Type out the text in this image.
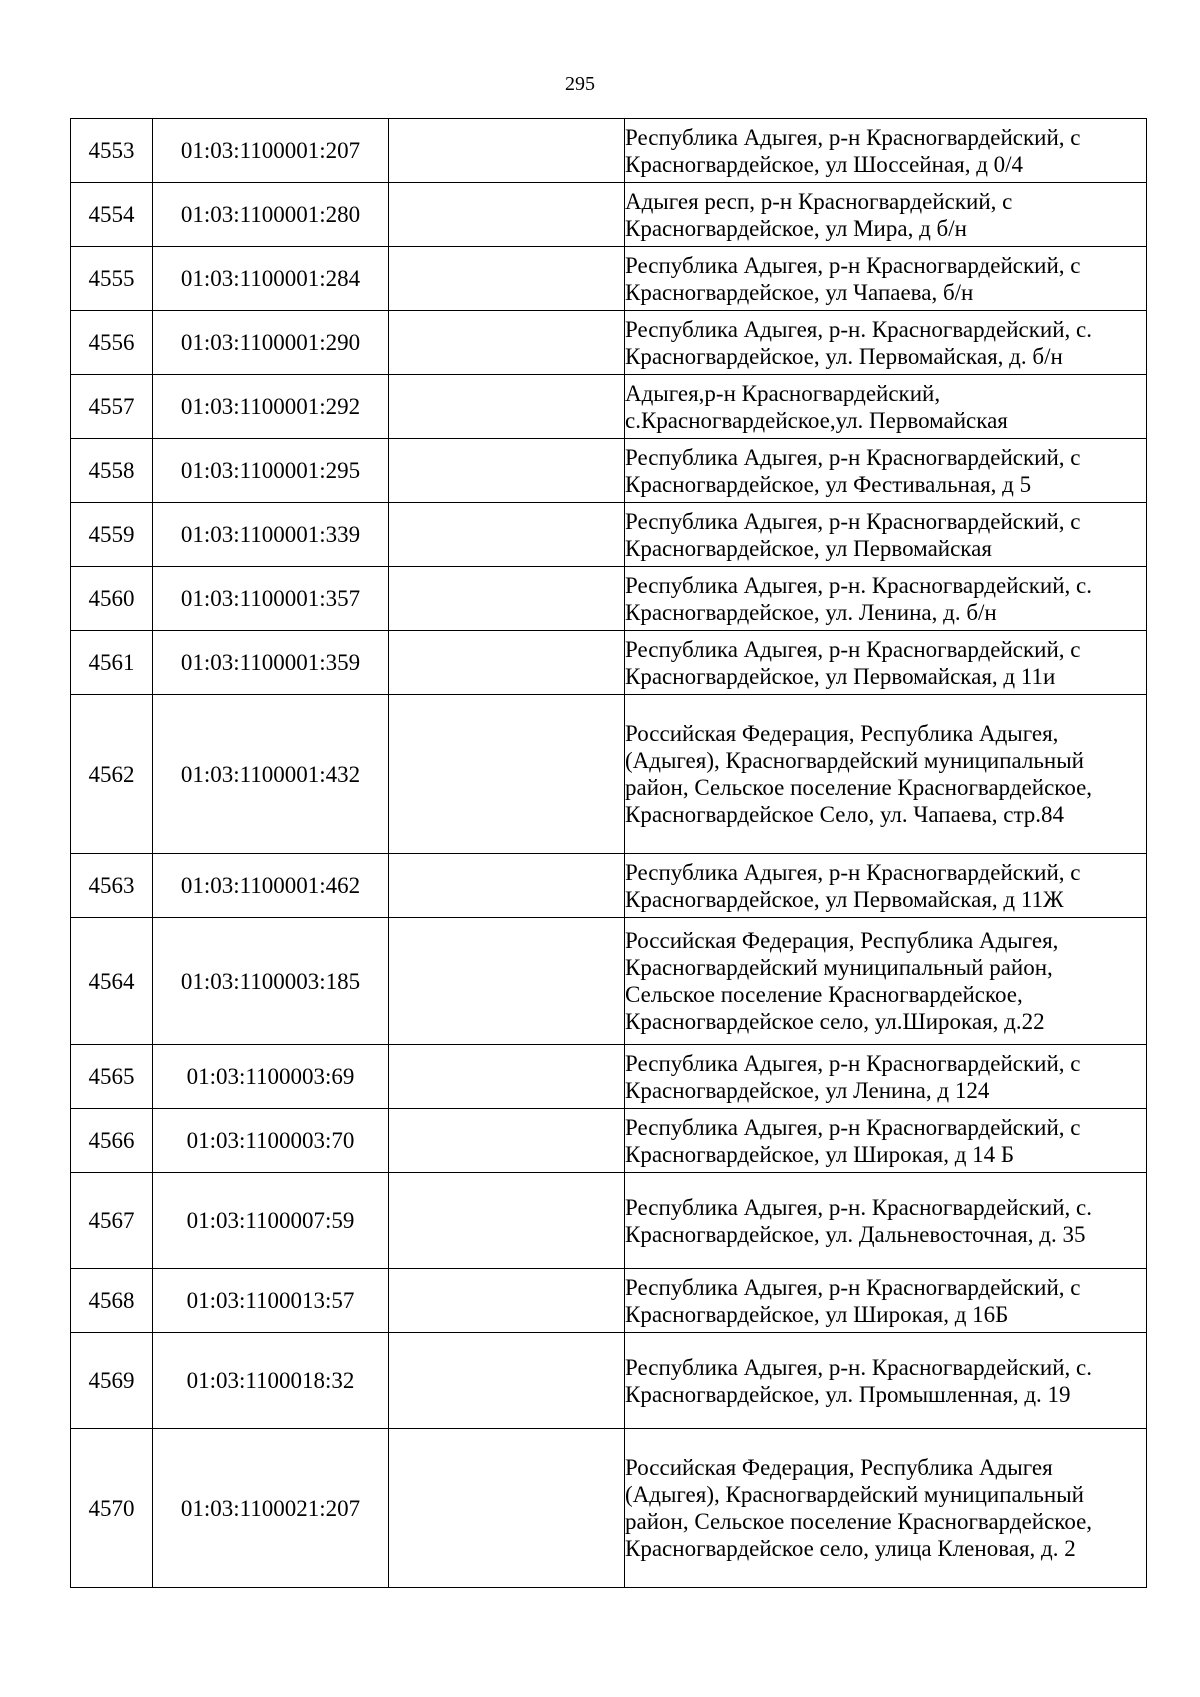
295
4553	01:03:1100001:207		Республика Адыгея, р-н Красногвардейский, с Красногвардейское, ул Шоссейная, д 0/4
4554	01:03:1100001:280		Адыгея респ, р-н Красногвардейский, с Красногвардейское, ул Мира, д б/н
4555	01:03:1100001:284		Республика Адыгея, р-н Красногвардейский, с Красногвардейское, ул Чапаева, б/н
4556	01:03:1100001:290		Республика Адыгея, р-н. Красногвардейский, с. Красногвардейское, ул. Первомайская, д. б/н
4557	01:03:1100001:292		Адыгея,р-н Красногвардейский, с.Красногвардейское,ул. Первомайская
4558	01:03:1100001:295		Республика Адыгея, р-н Красногвардейский, с Красногвардейское, ул Фестивальная, д 5
4559	01:03:1100001:339		Республика Адыгея, р-н Красногвардейский, с Красногвардейское, ул Первомайская
4560	01:03:1100001:357		Республика Адыгея, р-н. Красногвардейский, с. Красногвардейское, ул. Ленина, д. б/н
4561	01:03:1100001:359		Республика Адыгея, р-н Красногвардейский, с Красногвардейское, ул Первомайская, д 11и
4562	01:03:1100001:432		Российская Федерация, Республика Адыгея, (Адыгея), Красногвардейский муниципальный район, Сельское поселение Красногвардейское, Красногвардейское Село, ул. Чапаева, стр.84
4563	01:03:1100001:462		Республика Адыгея, р-н Красногвардейский, с Красногвардейское, ул Первомайская, д 11Ж
4564	01:03:1100003:185		Российская Федерация, Республика Адыгея, Красногвардейский муниципальный район, Сельское поселение Красногвардейское, Красногвардейское село, ул.Широкая, д.22
4565	01:03:1100003:69		Республика Адыгея, р-н Красногвардейский, с Красногвардейское, ул Ленина, д 124
4566	01:03:1100003:70		Республика Адыгея, р-н Красногвардейский, с Красногвардейское, ул Широкая, д 14 Б
4567	01:03:1100007:59		Республика Адыгея, р-н. Красногвардейский, с. Красногвардейское, ул. Дальневосточная, д. 35
4568	01:03:1100013:57		Республика Адыгея, р-н Красногвардейский, с Красногвардейское, ул Широкая, д 16Б
4569	01:03:1100018:32		Республика Адыгея, р-н. Красногвардейский, с. Красногвардейское, ул. Промышленная, д. 19
4570	01:03:1100021:207		Российская Федерация, Республика Адыгея (Адыгея), Красногвардейский муниципальный район, Сельское поселение Красногвардейское, Красногвардейское село, улица Кленовая, д. 2
